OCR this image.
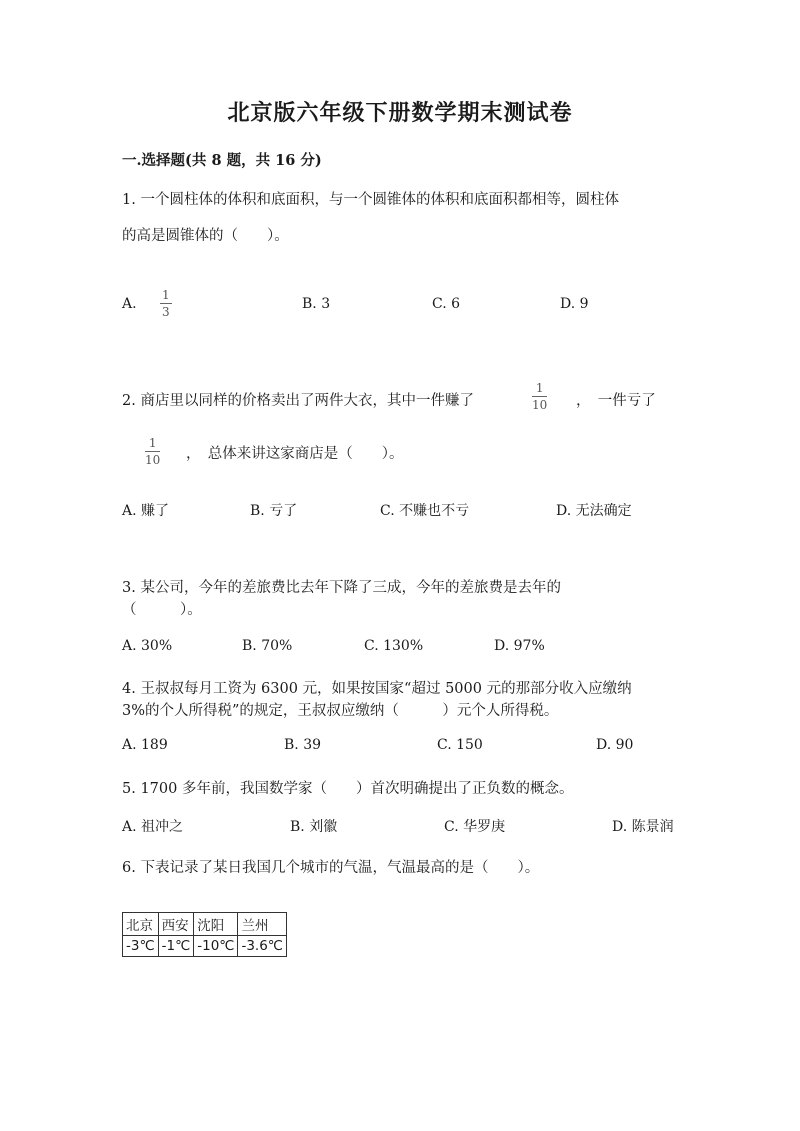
北京版六年级下册数学期末测试卷
一.选择题(共 8 题，共 16 分)
1. 一个圆柱体的体积和底面积，与一个圆锥体的体积和底面积都相等，圆柱体
的高是圆锥体的（　　）。
A.
1
3	B. 3	C. 6	D. 9
2. 商店里以同样的价格卖出了两件大衣，其中一件赚了
1
10 ，　一件亏了
1
10 ，　总体来讲这家商店是（　　）。
A. 赚了	B. 亏了	C. 不赚也不亏	D. 无法确定
3. 某公司，今年的差旅费比去年下降了三成，今年的差旅费是去年的
（　　　）。
A. 30%	B. 70%	C. 130%	D. 97%
4. 王叔叔每月工资为 6300 元，如果按国家“超过 5000 元的那部分收入应缴纳
3%的个人所得税”的规定，王叔叔应缴纳（　　　）元个人所得税。
A. 189	B. 39	C. 150	D. 90
5. 1700 多年前，我国数学家（　　）首次明确提出了正负数的概念。
A. 祖冲之	B. 刘徽	C. 华罗庚	D. 陈景润
6. 下表记录了某日我国几个城市的气温，气温最高的是（　　）。
北京	西安	沈阳	兰州
-3℃	-1℃	-10℃	-3.6℃
